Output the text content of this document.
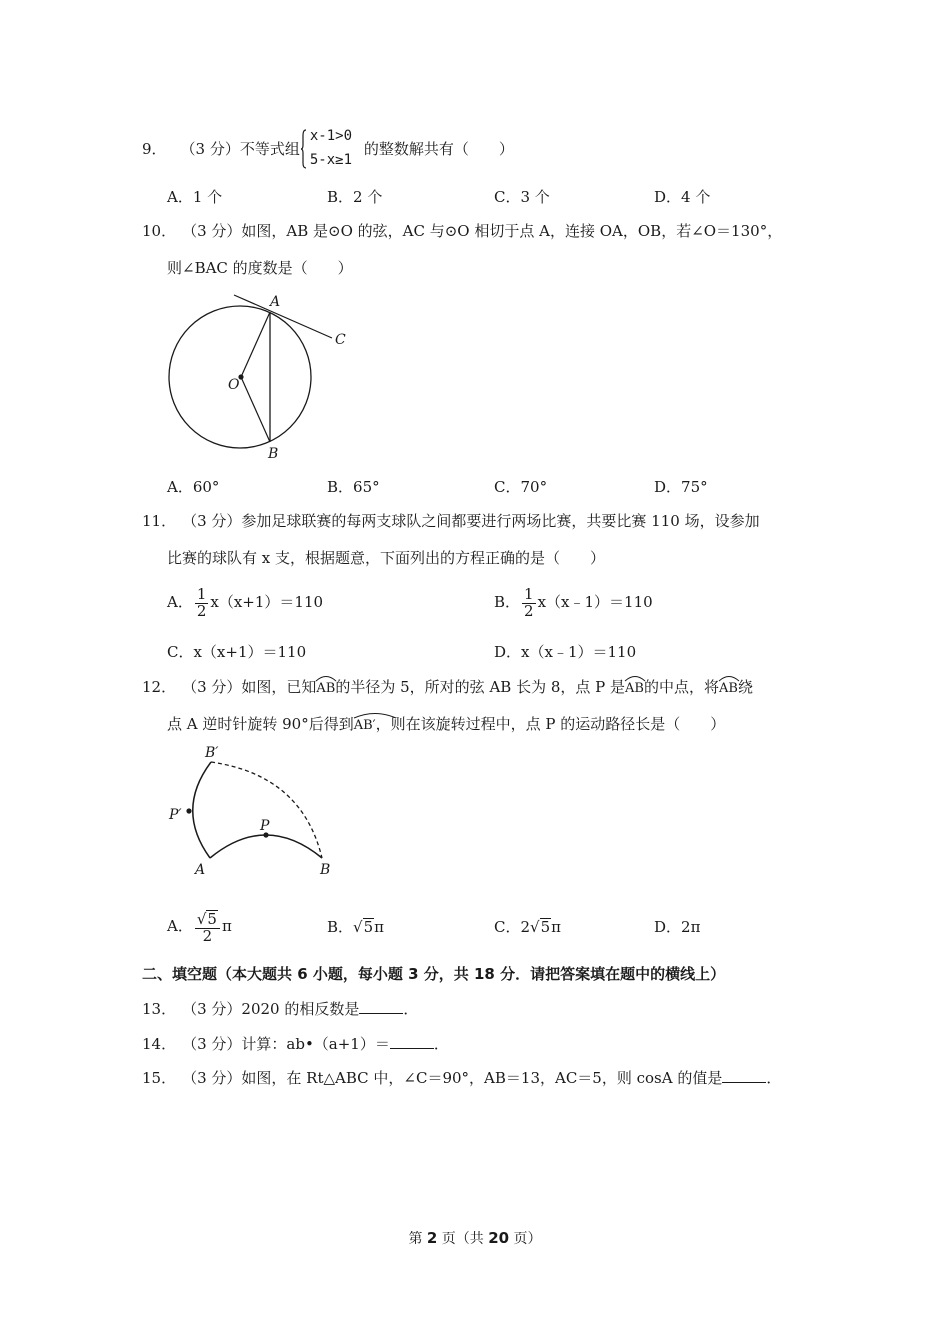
9． （3 分）不等式组
x-1>0
5-x≥1
的整数解共有（　　）
A．1 个	B．2 个	C．3 个	D．4 个
10． （3 分）如图，AB 是⊙O 的弦，AC 与⊙O 相切于点 A，连接 OA，OB，若∠O＝130°，
则∠BAC 的度数是（　　）
A
C
O
B
A．60°	B．65°	C．70°	D．75°
11． （3 分）参加足球联赛的每两支球队之间都要进行两场比赛，共要比赛 110 场，设参加
比赛的球队有 x 支，根据题意，下面列出的方程正确的是（　　）
A． $\frac{1}{2} x(x+1)=110$	B． $\frac{1}{2}$ x（x﹣1）＝110
C．x（x+1）＝110	D．x（x﹣1）＝110
12． （3 分）如图，已知
AB的半径为 5，所对的弦 AB 长为 8，点 P 是
AB的中点，将
AB绕
点 A 逆时针旋转 90°后得到
AB′，则在该旋转过程中，点 P 的运动路径长是（　　）
B′
P′
P
A	B
A． $\frac{√5}{2}$ π	B．√5π	C．2√5π	D．2π
二、填空题（本大题共 6 小题，每小题 3 分，共 18 分．请把答案填在题中的横线上）
13． （3 分）2020 的相反数是	．
14． （3 分）计算：ab•（a+1）＝	．
15． （3 分）如图，在 Rt△ABC 中，∠C＝90°，AB＝13，AC＝5，则 cosA 的值是	．
第 2 页（共 20 页）
